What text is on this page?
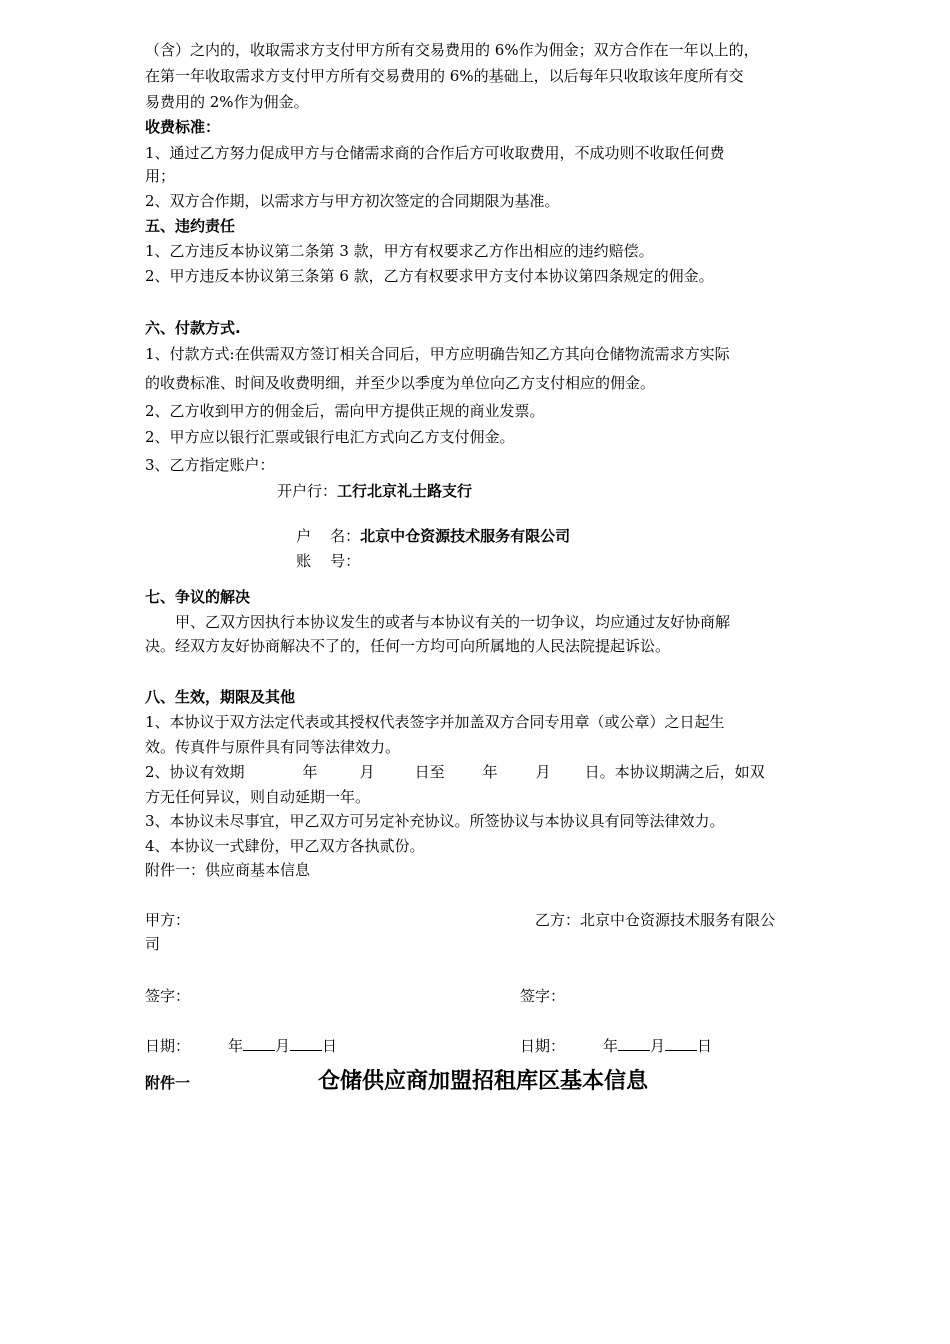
（含）之内的，收取需求方支付甲方所有交易费用的 6%作为佣金；双方合作在一年以上的，
在第一年收取需求方支付甲方所有交易费用的 6%的基础上，以后每年只收取该年度所有交
易费用的 2%作为佣金。
收费标准：
1、通过乙方努力促成甲方与仓储需求商的合作后方可收取费用，不成功则不收取任何费
用；
2、双方合作期，以需求方与甲方初次签定的合同期限为基准。
五、违约责任
1、乙方违反本协议第二条第 3 款，甲方有权要求乙方作出相应的违约赔偿。
2、甲方违反本协议第三条第 6 款，乙方有权要求甲方支付本协议第四条规定的佣金。
六、付款方式.
1、付款方式:在供需双方签订相关合同后，甲方应明确告知乙方其向仓储物流需求方实际
的收费标准、时间及收费明细，并至少以季度为单位向乙方支付相应的佣金。
2、乙方收到甲方的佣金后，需向甲方提供正规的商业发票。
2、甲方应以银行汇票或银行电汇方式向乙方支付佣金。
3、乙方指定账户：
开户行：工行北京礼士路支行

户    名：北京中仓资源技术服务有限公司

账    号：

七、争议的解决
甲、乙双方因执行本协议发生的或者与本协议有关的一切争议，均应通过友好协商解
决。经双方友好协商解决不了的，任何一方均可向所属地的人民法院提起诉讼。
八、生效，期限及其他
1、本协议于双方法定代表或其授权代表签字并加盖双方合同专用章（或公章）之日起生
效。传真件与原件具有同等法律效力。
2、协议有效期	年	月	日至	年	月 日。本协议期满之后，如双
方无任何异议，则自动延期一年。
3、本协议未尽事宜，甲乙双方可另定补充协议。所签协议与本协议具有同等法律效力。
4、本协议一式肆份，甲乙双方各执贰份。
附件一：供应商基本信息
甲方：	乙方：北京中仓资源技术服务有限公
司
签字：	签字：
日期：	年 月 日	日期：	年 月 日
附件一	仓储供应商加盟招租库区基本信息
